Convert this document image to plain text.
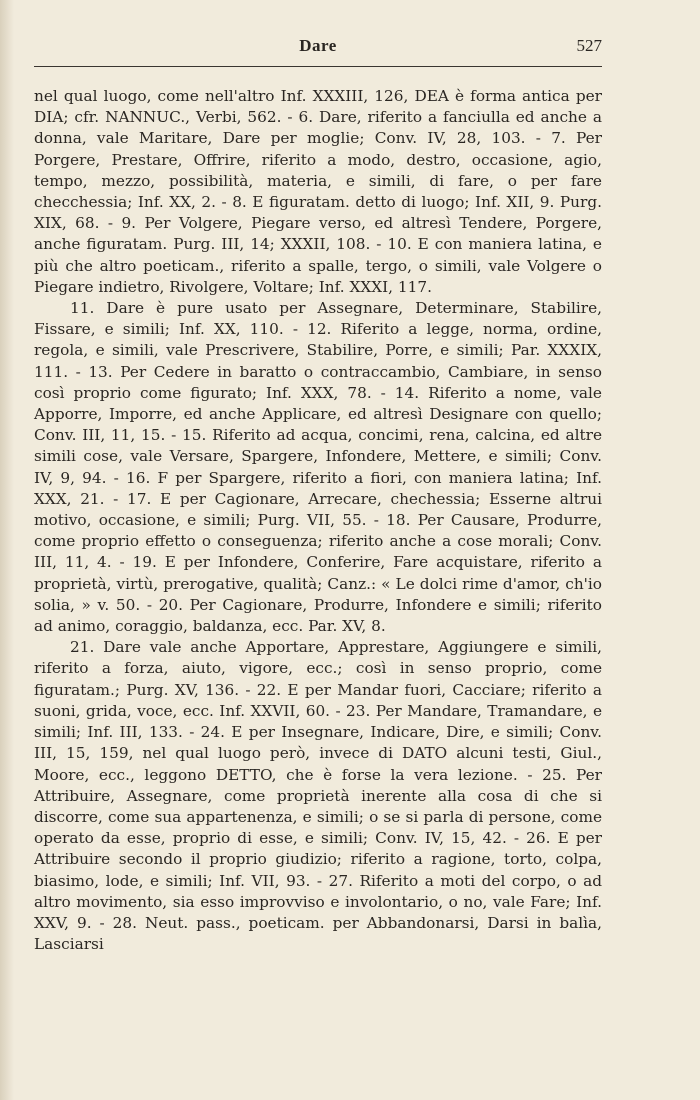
Dare	527

nel qual luogo, come nell'altro Inf. XXXIII, 126, DEA è forma antica per DIA; cfr. NANNUC., Verbi, 562. - 6. Dare, riferito a fanciulla ed anche a donna, vale Maritare, Dare per moglie; Conv. IV, 28, 103. - 7. Per Porgere, Prestare, Offrire, riferito a modo, destro, occasione, agio, tempo, mezzo, possibilità, materia, e simili, di fare, o per fare checchessia; Inf. XX, 2. - 8. E figuratam. detto di luogo; Inf. XII, 9. Purg. XIX, 68. - 9. Per Volgere, Piegare verso, ed altresì Tendere, Porgere, anche figuratam. Purg. III, 14; XXXII, 108. - 10. E con maniera latina, e più che altro poeticam., riferito a spalle, tergo, o simili, vale Volgere o Piegare indietro, Rivolgere, Voltare; Inf. XXXI, 117.

11. Dare è pure usato per Assegnare, Determinare, Stabilire, Fissare, e simili; Inf. XX, 110. - 12. Riferito a legge, norma, ordine, regola, e simili, vale Prescrivere, Stabilire, Porre, e simili; Par. XXXIX, 111. - 13. Per Cedere in baratto o contraccambio, Cambiare, in senso così proprio come figurato; Inf. XXX, 78. - 14. Riferito a nome, vale Apporre, Imporre, ed anche Applicare, ed altresì Designare con quello; Conv. III, 11, 15. - 15. Riferito ad acqua, concimi, rena, calcina, ed altre simili cose, vale Versare, Spargere, Infondere, Mettere, e simili; Conv. IV, 9, 94. - 16. F per Spargere, riferito a fiori, con maniera latina; Inf. XXX, 21. - 17. E per Cagionare, Arrecare, chechessia; Esserne altrui motivo, occasione, e simili; Purg. VII, 55. - 18. Per Causare, Produrre, come proprio effetto o conseguenza; riferito anche a cose morali; Conv. III, 11, 4. - 19. E per Infondere, Conferire, Fare acquistare, riferito a proprietà, virtù, prerogative, qualità; Canz.: « Le dolci rime d'amor, ch'io solia, » v. 50. - 20. Per Cagionare, Produrre, Infondere e simili; riferito ad animo, coraggio, baldanza, ecc. Par. XV, 8.

21. Dare vale anche Apportare, Apprestare, Aggiungere e simili, riferito a forza, aiuto, vigore, ecc.; così in senso proprio, come figuratam.; Purg. XV, 136. - 22. E per Mandar fuori, Cacciare; riferito a suoni, grida, voce, ecc. Inf. XXVII, 60. - 23. Per Mandare, Tramandare, e simili; Inf. III, 133. - 24. E per Insegnare, Indicare, Dire, e simili; Conv. III, 15, 159, nel qual luogo però, invece di DATO alcuni testi, Giul., Moore, ecc., leggono DETTO, che è forse la vera lezione. - 25. Per Attribuire, Assegnare, come proprietà inerente alla cosa di che si discorre, come sua appartenenza, e simili; o se si parla di persone, come operato da esse, proprio di esse, e simili; Conv. IV, 15, 42. - 26. E per Attribuire secondo il proprio giudizio; riferito a ragione, torto, colpa, biasimo, lode, e simili; Inf. VII, 93. - 27. Riferito a moti del corpo, o ad altro movimento, sia esso improvviso e involontario, o no, vale Fare; Inf. XXV, 9. - 28. Neut. pass., poeticam. per Abbandonarsi, Darsi in balìa, Lasciarsi
